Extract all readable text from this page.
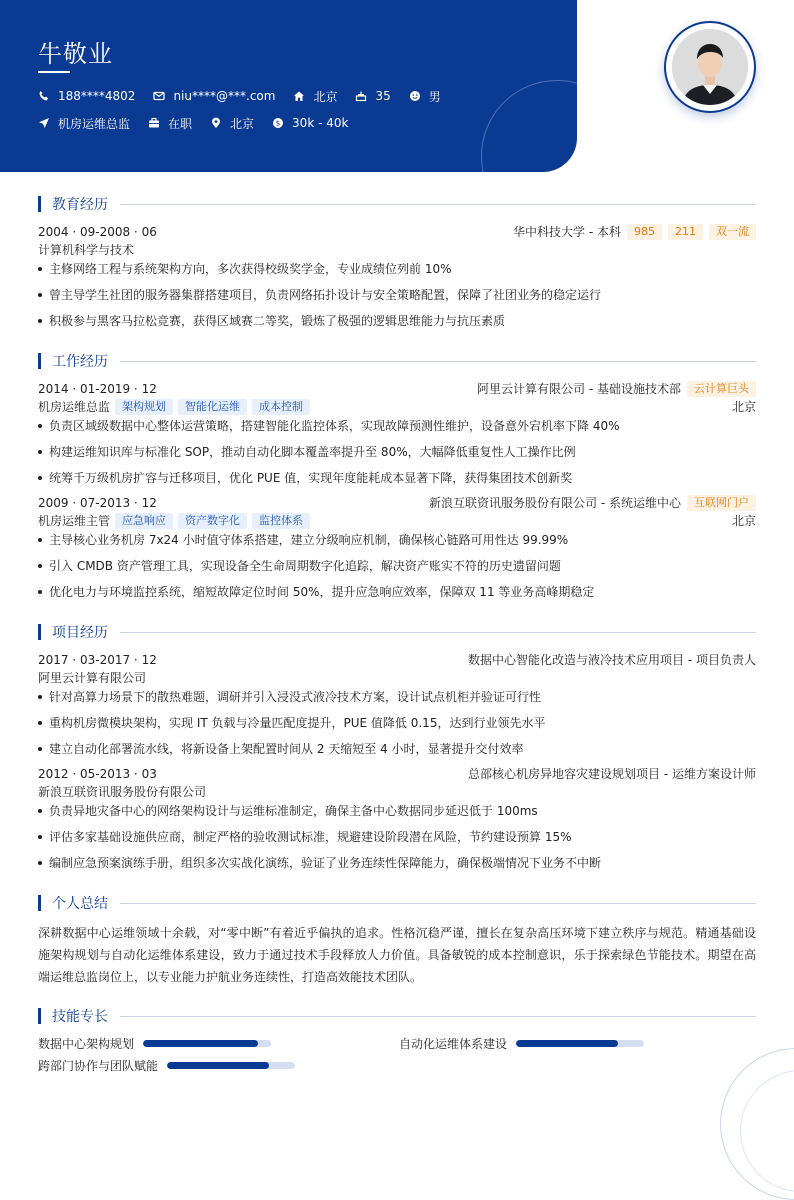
牛敬业
188****4802	niu****@***.com	北京	35	男
机房运维总监	在职	北京	$ 30k - 40k
教育经历
2004 · 09-2008 · 06	华中科技大学 - 本科	985	211	双一流
计算机科学与技术
主修网络工程与系统架构方向，多次获得校级奖学金，专业成绩位列前 10%
曾主导学生社团的服务器集群搭建项目，负责网络拓扑设计与安全策略配置，保障了社团业务的稳定运行
积极参与黑客马拉松竞赛，获得区域赛二等奖，锻炼了极强的逻辑思维能力与抗压素质
工作经历
2014 · 01-2019 · 12	阿里云计算有限公司 - 基础设施技术部	云计算巨头
机房运维总监	架构规划	智能化运维	成本控制	北京
负责区域级数据中心整体运营策略，搭建智能化监控体系，实现故障预测性维护，设备意外宕机率下降 40%
构建运维知识库与标准化 SOP，推动自动化脚本覆盖率提升至 80%，大幅降低重复性人工操作比例
统筹千万级机房扩容与迁移项目，优化 PUE 值，实现年度能耗成本显著下降，获得集团技术创新奖
2009 · 07-2013 · 12	新浪互联资讯服务股份有限公司 - 系统运维中心	互联网门户
机房运维主管	应急响应	资产数字化	监控体系	北京
主导核心业务机房 7x24 小时值守体系搭建，建立分级响应机制，确保核心链路可用性达 99.99%
引入 CMDB 资产管理工具，实现设备全生命周期数字化追踪，解决资产账实不符的历史遗留问题
优化电力与环境监控系统，缩短故障定位时间 50%，提升应急响应效率，保障双 11 等业务高峰期稳定
项目经历
2017 · 03-2017 · 12	数据中心智能化改造与液冷技术应用项目 - 项目负责人
阿里云计算有限公司
针对高算力场景下的散热难题，调研并引入浸没式液冷技术方案，设计试点机柜并验证可行性
重构机房微模块架构，实现 IT 负载与冷量匹配度提升，PUE 值降低 0.15，达到行业领先水平
建立自动化部署流水线，将新设备上架配置时间从 2 天缩短至 4 小时，显著提升交付效率
2012 · 05-2013 · 03	总部核心机房异地容灾建设规划项目 - 运维方案设计师
新浪互联资讯服务股份有限公司
负责异地灾备中心的网络架构设计与运维标准制定，确保主备中心数据同步延迟低于 100ms
评估多家基础设施供应商，制定严格的验收测试标准，规避建设阶段潜在风险，节约建设预算 15%
编制应急预案演练手册，组织多次实战化演练，验证了业务连续性保障能力，确保极端情况下业务不中断
个人总结
深耕数据中心运维领域十余载，对“零中断”有着近乎偏执的追求。性格沉稳严谨，擅长在复杂高压环境下建立秩序与规范。精通基础设施架构规划与自动化运维体系建设，致力于通过技术手段释放人力价值。具备敏锐的成本控制意识，乐于探索绿色节能技术。期望在高端运维总监岗位上，以专业能力护航业务连续性，打造高效能技术团队。
技能专长
数据中心架构规划	自动化运维体系建设
跨部门协作与团队赋能
